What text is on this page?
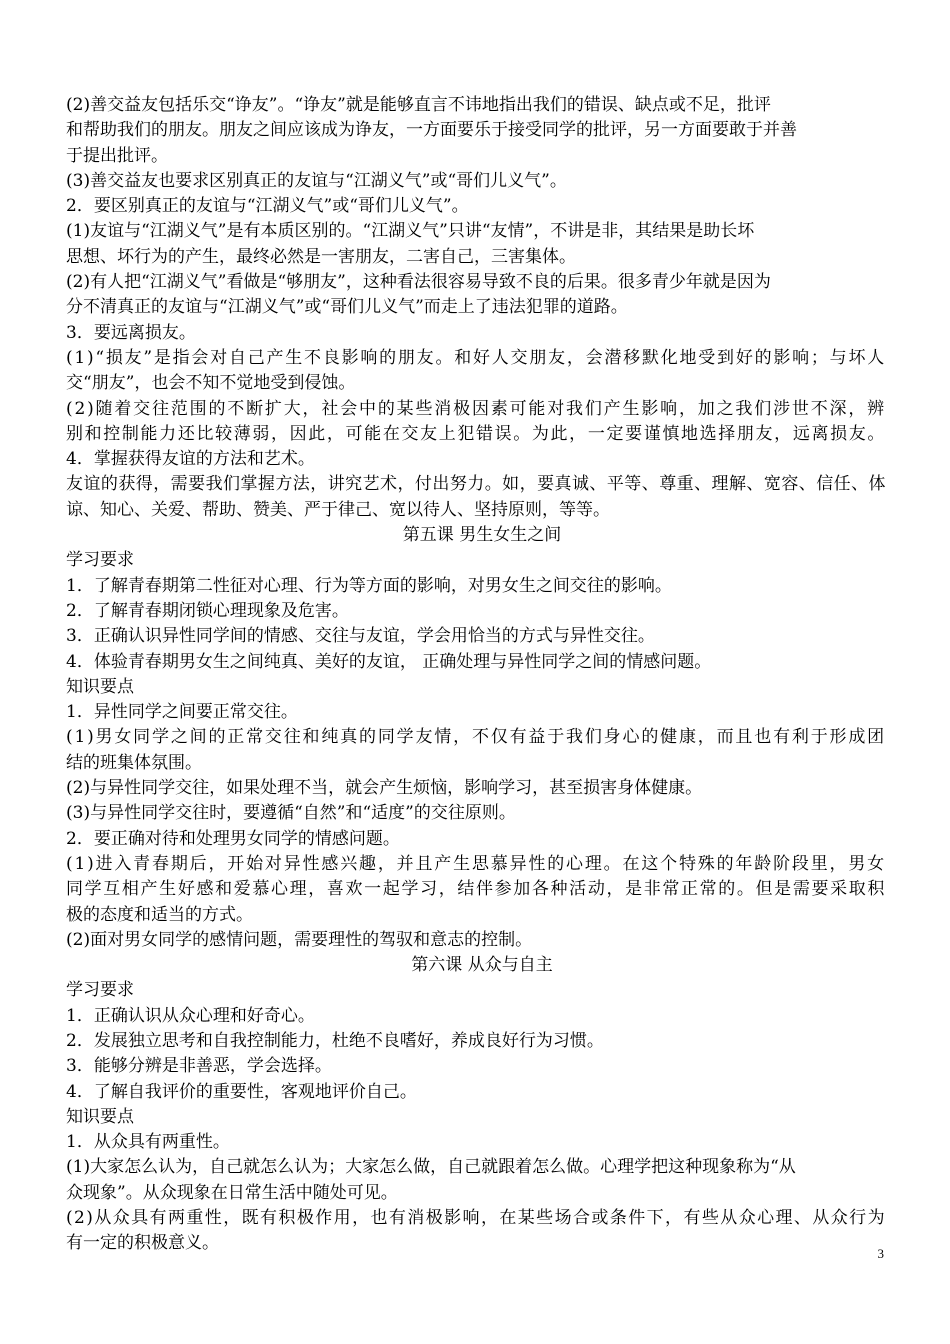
(2)善交益友包括乐交“诤友”。“诤友”就是能够直言不讳地指出我们的错误、缺点或不足，批评
和帮助我们的朋友。朋友之间应该成为诤友，一方面要乐于接受同学的批评，另一方面要敢于并善
于提出批评。
(3)善交益友也要求区别真正的友谊与“江湖义气”或“哥们儿义气”。
2．要区别真正的友谊与“江湖义气”或“哥们儿义气”。
(1)友谊与“江湖义气”是有本质区别的。“江湖义气”只讲“友情”，不讲是非，其结果是助长坏
思想、坏行为的产生，最终必然是一害朋友，二害自己，三害集体。
(2)有人把“江湖义气”看做是“够朋友”，这种看法很容易导致不良的后果。很多青少年就是因为
分不清真正的友谊与“江湖义气”或“哥们儿义气”而走上了违法犯罪的道路。
3．要远离损友。
(1)“损友”是指会对自己产生不良影响的朋友。和好人交朋友，会潜移默化地受到好的影响；与坏人
交“朋友”，也会不知不觉地受到侵蚀。
(2)随着交往范围的不断扩大，社会中的某些消极因素可能对我们产生影响，加之我们涉世不深，辨
别和控制能力还比较薄弱，因此，可能在交友上犯错误。为此，一定要谨慎地选择朋友，远离损友。
4．掌握获得友谊的方法和艺术。
友谊的获得，需要我们掌握方法，讲究艺术，付出努力。如，要真诚、平等、尊重、理解、宽容、信任、体
谅、知心、关爱、帮助、赞美、严于律己、宽以待人、坚持原则，等等。
第五课 男生女生之间
学习要求
1．了解青春期第二性征对心理、行为等方面的影响，对男女生之间交往的影响。
2．了解青春期闭锁心理现象及危害。
3．正确认识异性同学间的情感、交往与友谊，学会用恰当的方式与异性交往。
4．体验青春期男女生之间纯真、美好的友谊， 正确处理与异性同学之间的情感问题。
知识要点
1．异性同学之间要正常交往。
(1)男女同学之间的正常交往和纯真的同学友情，不仅有益于我们身心的健康，而且也有利于形成团
结的班集体氛围。
(2)与异性同学交往，如果处理不当，就会产生烦恼，影响学习，甚至损害身体健康。
(3)与异性同学交往时，要遵循“自然”和“适度”的交往原则。
2．要正确对待和处理男女同学的情感问题。
(1)进入青春期后，开始对异性感兴趣，并且产生思慕异性的心理。在这个特殊的年龄阶段里，男女
同学互相产生好感和爱慕心理，喜欢一起学习，结伴参加各种活动，是非常正常的。但是需要采取积
极的态度和适当的方式。
(2)面对男女同学的感情问题，需要理性的驾驭和意志的控制。
第六课 从众与自主
学习要求
1．正确认识从众心理和好奇心。
2．发展独立思考和自我控制能力，杜绝不良嗜好，养成良好行为习惯。
3．能够分辨是非善恶，学会选择。
4．了解自我评价的重要性，客观地评价自己。
知识要点
1．从众具有两重性。
(1)大家怎么认为，自己就怎么认为；大家怎么做，自己就跟着怎么做。心理学把这种现象称为“从
众现象”。从众现象在日常生活中随处可见。
(2)从众具有两重性，既有积极作用，也有消极影响，在某些场合或条件下，有些从众心理、从众行为
有一定的积极意义。
3
